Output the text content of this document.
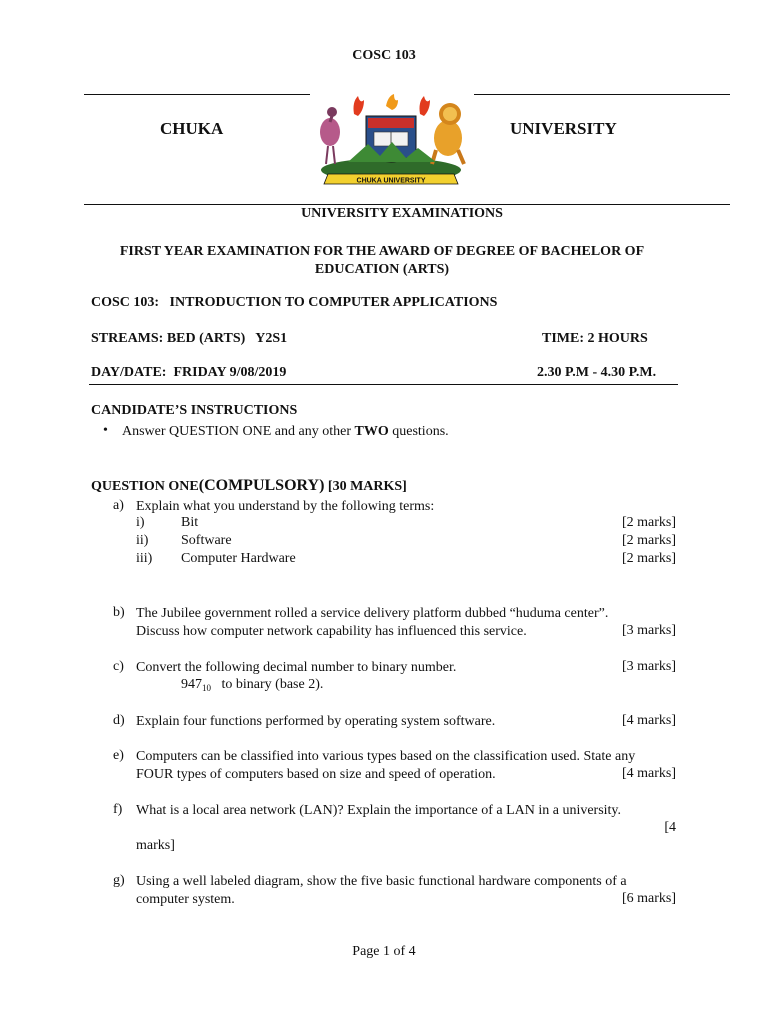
COSC 103
CHUKA	UNIVERSITY
CHUKA UNIVERSITY
UNIVERSITY EXAMINATIONS
FIRST YEAR EXAMINATION FOR THE AWARD OF DEGREE OF BACHELOR OF
EDUCATION (ARTS)
COSC 103:   INTRODUCTION TO COMPUTER APPLICATIONS
STREAMS: BED (ARTS)   Y2S1	TIME: 2 HOURS
DAY/DATE:  FRIDAY 9/08/2019	2.30 P.M - 4.30 P.M.
CANDIDATE’S INSTRUCTIONS
• Answer QUESTION ONE and any other TWO questions.
QUESTION ONE(COMPULSORY) [30 MARKS]
a) Explain what you understand by the following terms:
i)	Bit	[2 marks]
ii) Software	[2 marks]
iii) Computer Hardware	[2 marks]
b) The Jubilee government rolled a service delivery platform dubbed “huduma center”.
Discuss how computer network capability has influenced this service.	[3 marks]
c) Convert the following decimal number to binary number.	[3 marks]
$947_{10}$   to binary (base 2).
d) Explain four functions performed by operating system software.	[4 marks]
e) Computers can be classified into various types based on the classification used. State any
FOUR types of computers based on size and speed of operation.	[4 marks]
f) What is a local area network (LAN)? Explain the importance of a LAN in a university.
[4
marks]
g) Using a well labeled diagram, show the five basic functional hardware components of a
computer system.	[6 marks]
Page 1 of 4
